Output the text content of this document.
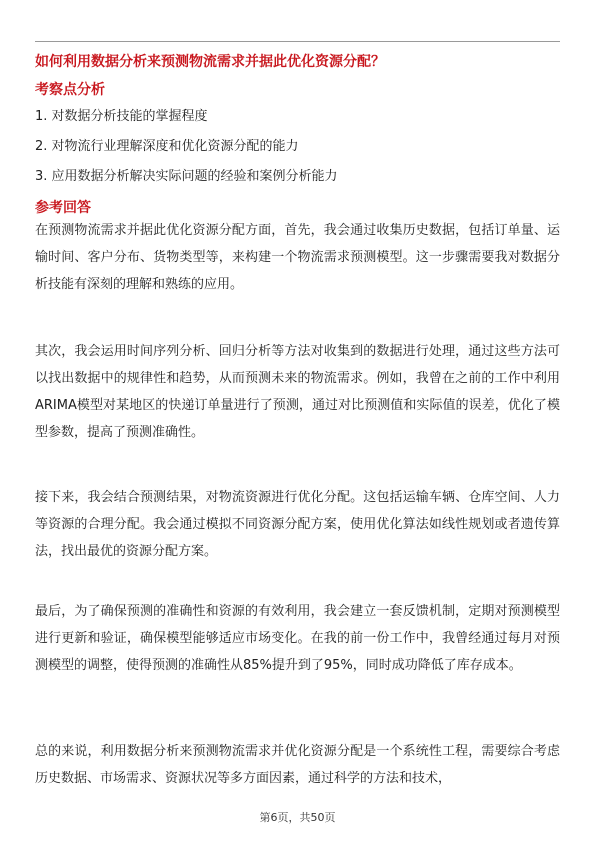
如何利用数据分析来预测物流需求并据此优化资源分配？
考察点分析
1. 对数据分析技能的掌握程度
2. 对物流行业理解深度和优化资源分配的能力
3. 应用数据分析解决实际问题的经验和案例分析能力
参考回答
在预测物流需求并据此优化资源分配方面，首先，我会通过收集历史数据，包括订单量、运输时间、客户分布、货物类型等，来构建一个物流需求预测模型。这一步骤需要我对数据分析技能有深刻的理解和熟练的应用。
其次，我会运用时间序列分析、回归分析等方法对收集到的数据进行处理，通过这些方法可以找出数据中的规律性和趋势，从而预测未来的物流需求。例如，我曾在之前的工作中利用ARIMA模型对某地区的快递订单量进行了预测，通过对比预测值和实际值的误差，优化了模型参数，提高了预测准确性。
接下来，我会结合预测结果，对物流资源进行优化分配。这包括运输车辆、仓库空间、人力等资源的合理分配。我会通过模拟不同资源分配方案，使用优化算法如线性规划或者遗传算法，找出最优的资源分配方案。
最后，为了确保预测的准确性和资源的有效利用，我会建立一套反馈机制，定期对预测模型进行更新和验证，确保模型能够适应市场变化。在我的前一份工作中，我曾经通过每月对预测模型的调整，使得预测的准确性从85%提升到了95%，同时成功降低了库存成本。
总的来说，利用数据分析来预测物流需求并优化资源分配是一个系统性工程，需要综合考虑历史数据、市场需求、资源状况等多方面因素，通过科学的方法和技术，
第6页，共50页
